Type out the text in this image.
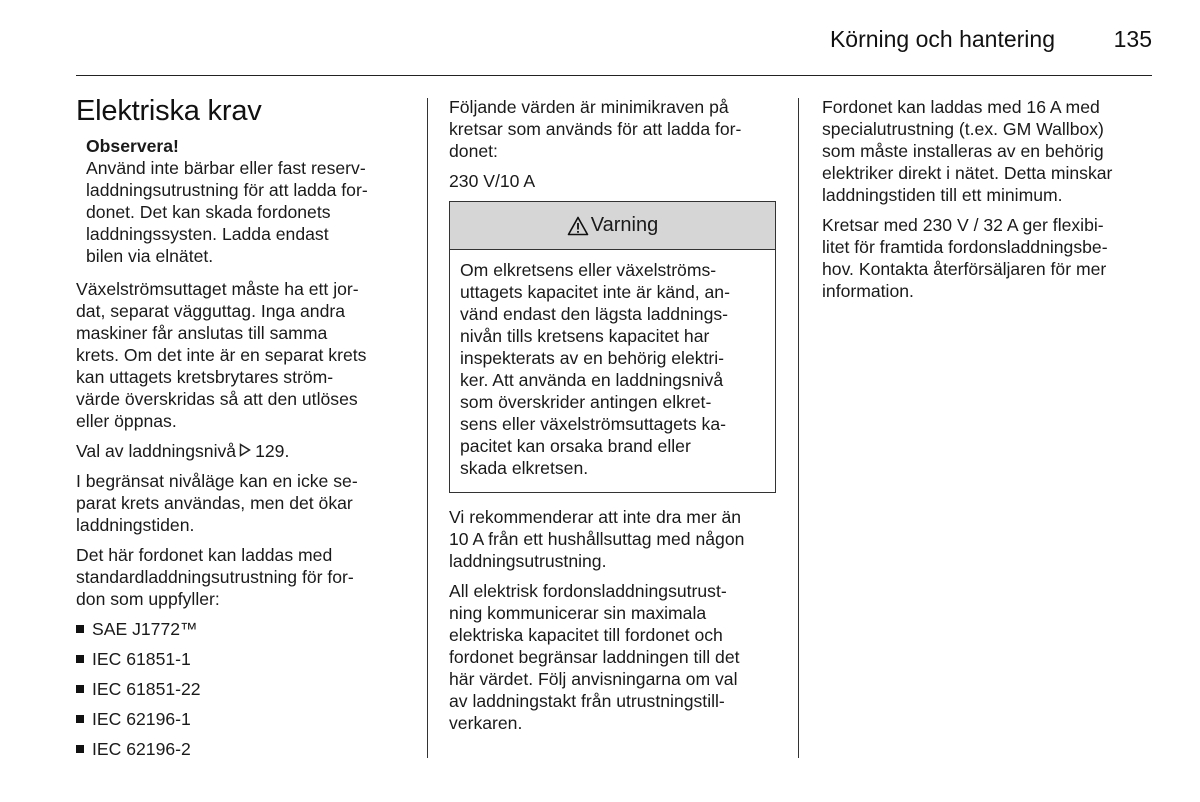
Körning och hantering	135
Elektriska krav
Observera!
Använd inte bärbar eller fast reserv-
laddningsutrustning för att ladda for-
donet. Det kan skada fordonets
laddningssysten. Ladda endast
bilen via elnätet.

Växelströmsuttaget måste ha ett jor-
dat, separat vägguttag. Inga andra
maskiner får anslutas till samma
krets. Om det inte är en separat krets
kan uttagets kretsbrytares ström-
värde överskridas så att den utlöses
eller öppnas.

Val av laddningsnivå 129.

I begränsat nivåläge kan en icke se-
parat krets användas, men det ökar
laddningstiden.

Det här fordonet kan laddas med
standardladdningsutrustning för for-
don som uppfyller:

SAE J1772™
IEC 61851-1
IEC 61851-22
IEC 62196-1
IEC 62196-2

Följande värden är minimikraven på
kretsar som används för att ladda for-
donet:

230 V/10 A

Varning
Om elkretsens eller växelströms-
uttagets kapacitet inte är känd, an-
vänd endast den lägsta laddnings-
nivån tills kretsens kapacitet har
inspekterats av en behörig elektri-
ker. Att använda en laddningsnivå
som överskrider antingen elkret-
sens eller växelströmsuttagets ka-
pacitet kan orsaka brand eller
skada elkretsen.

Vi rekommenderar att inte dra mer än
10 A från ett hushållsuttag med någon
laddningsutrustning.

All elektrisk fordonsladdningsutrust-
ning kommunicerar sin maximala
elektriska kapacitet till fordonet och
fordonet begränsar laddningen till det
här värdet. Följ anvisningarna om val
av laddningstakt från utrustningstill-
verkaren.

Fordonet kan laddas med 16 A med
specialutrustning (t.ex. GM Wallbox)
som måste installeras av en behörig
elektriker direkt i nätet. Detta minskar
laddningstiden till ett minimum.

Kretsar med 230 V / 32 A ger flexibi-
litet för framtida fordonsladdningsbe-
hov. Kontakta återförsäljaren för mer
information.
